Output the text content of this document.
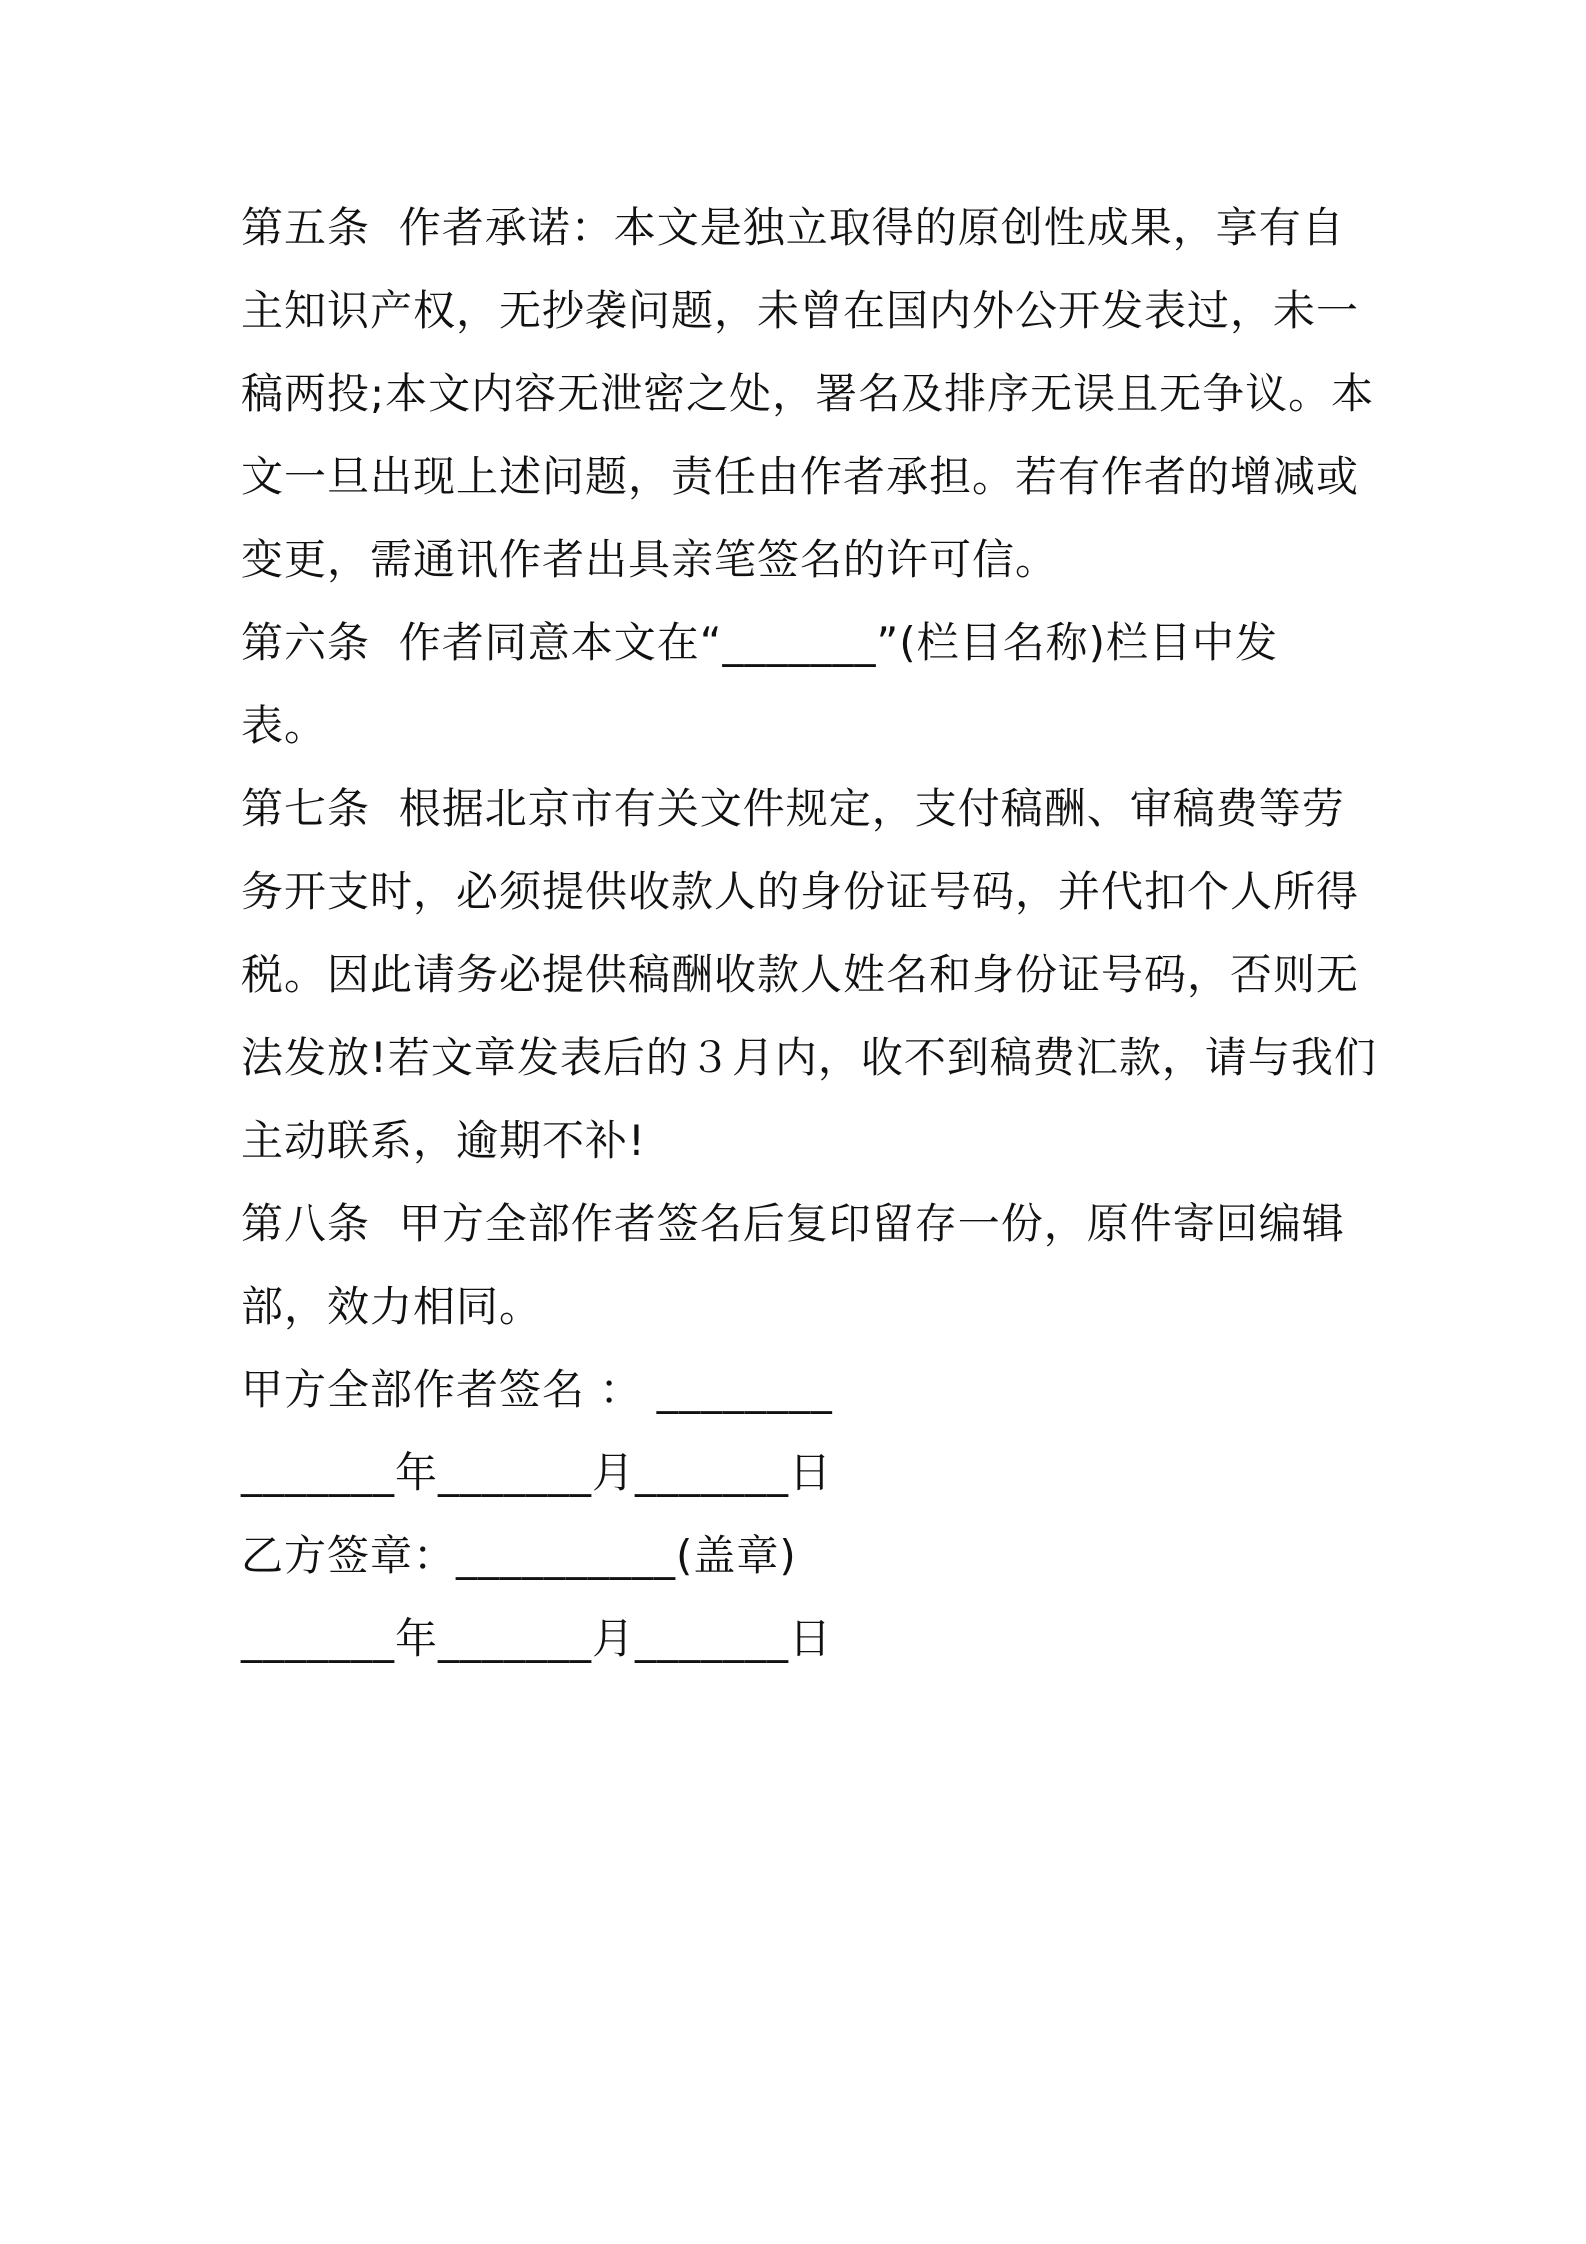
第五条  作者承诺：本文是独立取得的原创性成果，享有自
主知识产权，无抄袭问题，未曾在国内外公开发表过，未一
稿两投;本文内容无泄密之处，署名及排序无误且无争议。本
文一旦出现上述问题，责任由作者承担。若有作者的增减或
变更，需通讯作者出具亲笔签名的许可信。
第六条  作者同意本文在“_______”(栏目名称)栏目中发
表。
第七条  根据北京市有关文件规定，支付稿酬、审稿费等劳
务开支时，必须提供收款人的身份证号码，并代扣个人所得
税。因此请务必提供稿酬收款人姓名和身份证号码，否则无
法发放!若文章发表后的３月内，收不到稿费汇款，请与我们
主动联系，逾期不补!
第八条  甲方全部作者签名后复印留存一份，原件寄回编辑
部，效力相同。
甲方全部作者签名 ： ________
_______年_______月_______日
乙方签章：__________(盖章)
_______年_______月_______日
